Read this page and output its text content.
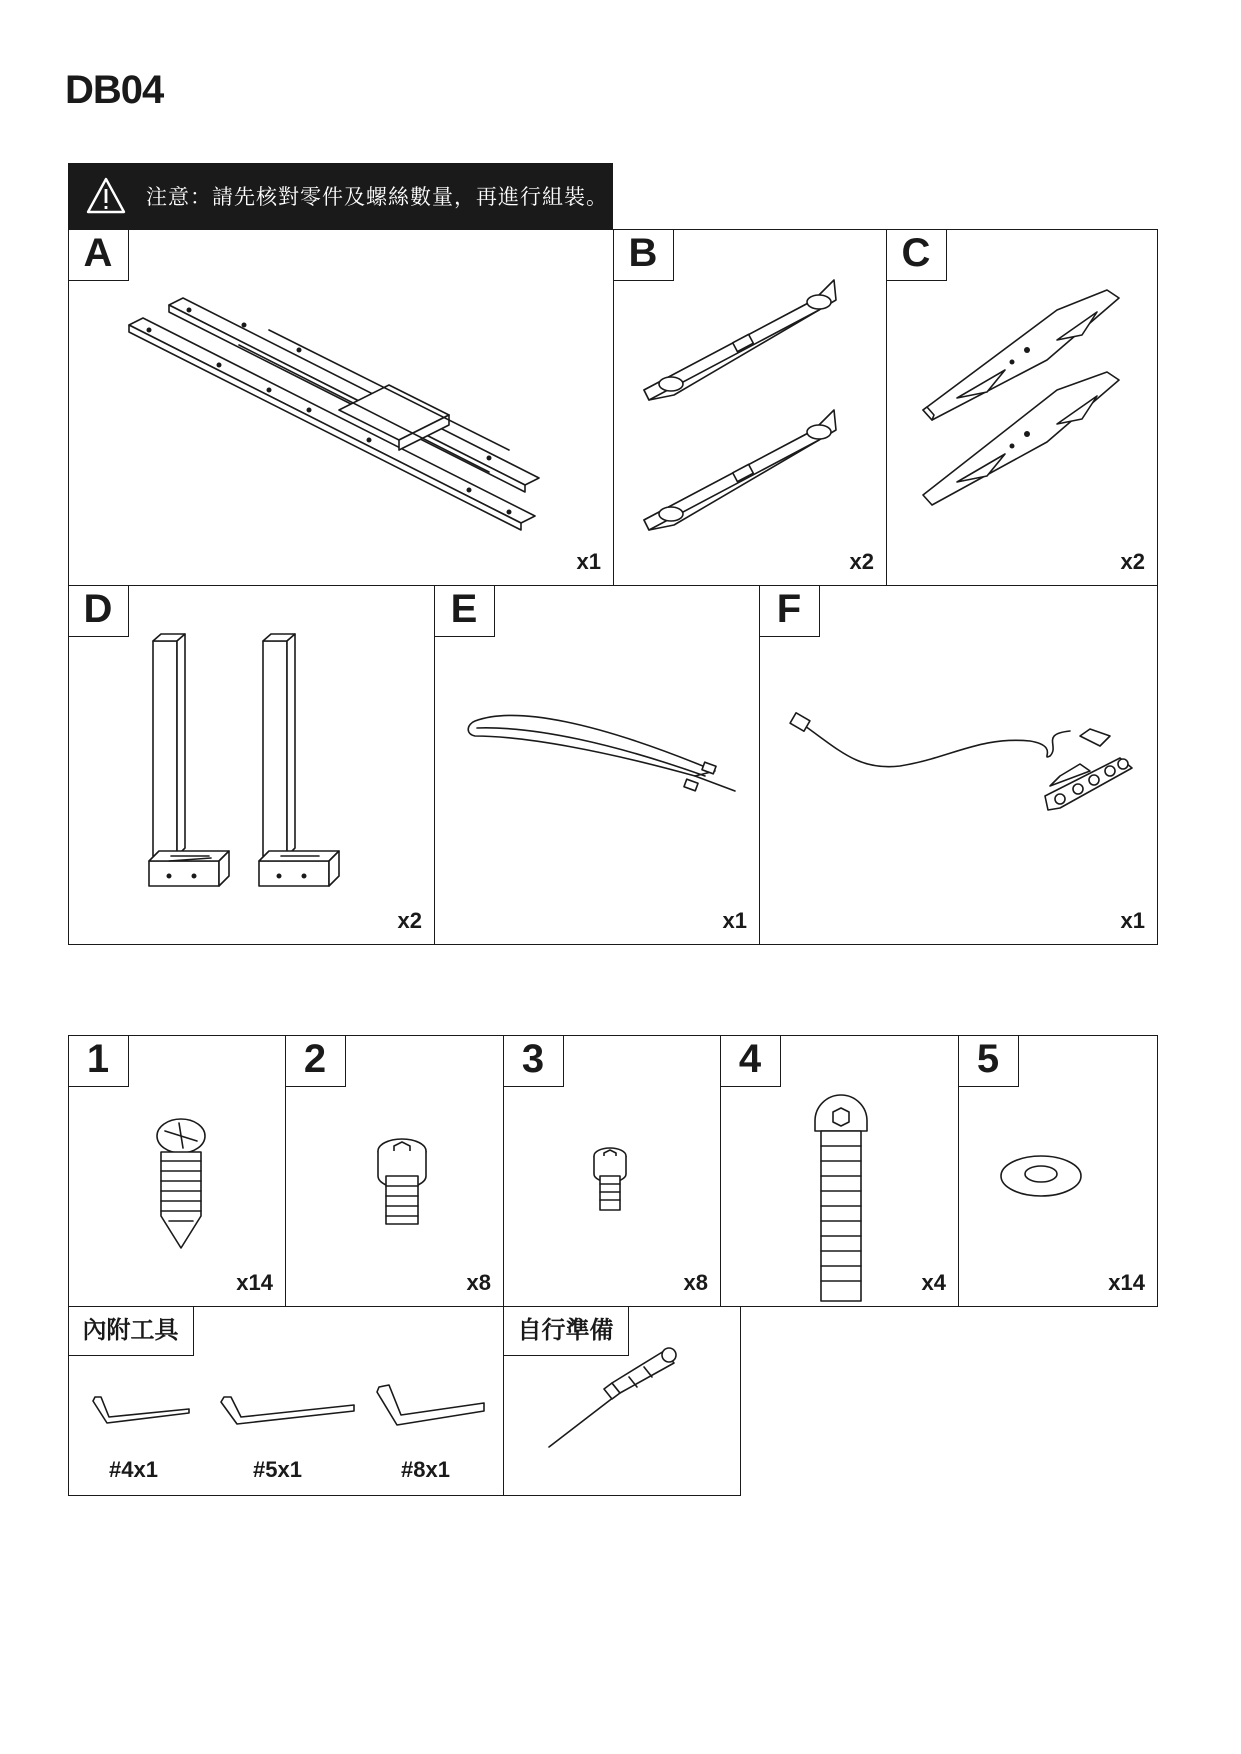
DB04
注意：請先核對零件及螺絲數量，再進行組裝。
A
x1
B
x2
C
x2
D
x2
E
x1
F
x1
1
x14
2
x8
3
x8
4
x4
5
x14
內附工具
#4x1	#5x1	#8x1
自行準備
